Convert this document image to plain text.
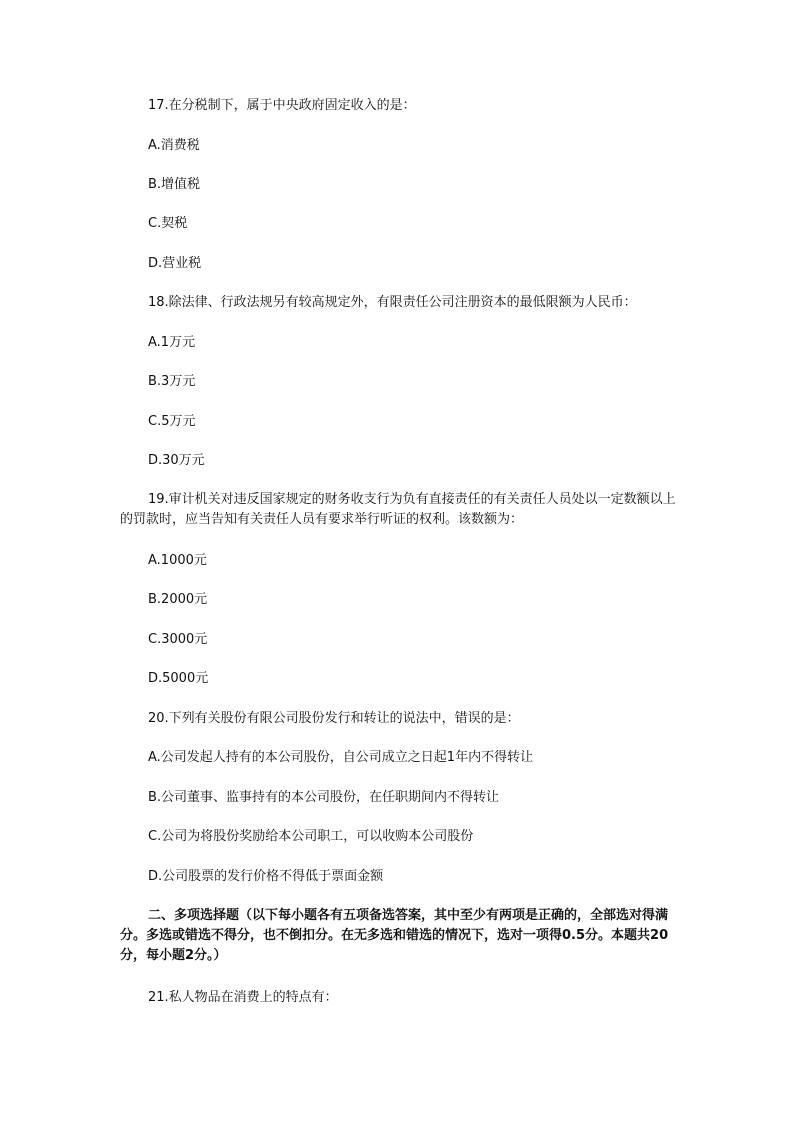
17.在分税制下，属于中央政府固定收入的是：

A.消费税

B.增值税

C.契税

D.营业税

18.除法律、行政法规另有较高规定外，有限责任公司注册资本的最低限额为人民币：

A.1万元

B.3万元

C.5万元

D.30万元

19.审计机关对违反国家规定的财务收支行为负有直接责任的有关责任人员处以一定数额以上的罚款时，应当告知有关责任人员有要求举行听证的权利。该数额为：

A.1000元

B.2000元

C.3000元

D.5000元

20.下列有关股份有限公司股份发行和转让的说法中，错误的是：

A.公司发起人持有的本公司股份，自公司成立之日起1年内不得转让

B.公司董事、监事持有的本公司股份，在任职期间内不得转让

C.公司为将股份奖励给本公司职工，可以收购本公司股份

D.公司股票的发行价格不得低于票面金额

二、多项选择题（以下每小题各有五项备选答案，其中至少有两项是正确的，全部选对得满分。多选或错选不得分，也不倒扣分。在无多选和错选的情况下，选对一项得0.5分。本题共20分，每小题2分。）

21.私人物品在消费上的特点有：
